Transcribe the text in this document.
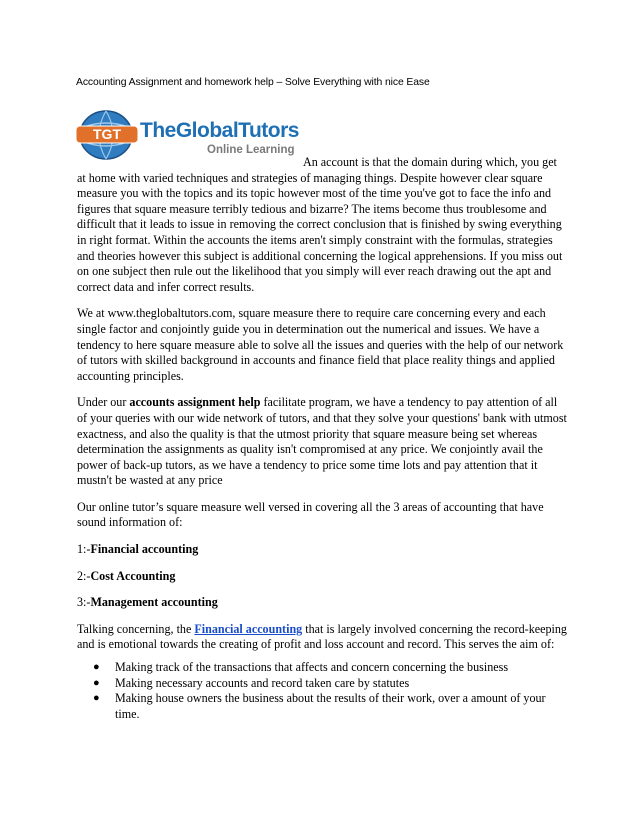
Accounting Assignment and homework help – Solve Everything with nice Ease
TGT TheGlobalTutors
Online Learning

An account is that the domain during which, you get at home with varied techniques and strategies of managing things. Despite however clear square measure you with the topics and its topic however most of the time you've got to face the info and figures that square measure terribly tedious and bizarre? The items become thus troublesome and difficult that it leads to issue in removing the correct conclusion that is finished by swing everything in right format. Within the accounts the items aren't simply constraint with the formulas, strategies and theories however this subject is additional concerning the logical apprehensions. If you miss out on one subject then rule out the likelihood that you simply will ever reach drawing out the apt and correct data and infer correct results.

We at www.theglobaltutors.com, square measure there to require care concerning every and each single factor and conjointly guide you in determination out the numerical and issues. We have a tendency to here square measure able to solve all the issues and queries with the help of our network of tutors with skilled background in accounts and finance field that place reality things and applied accounting principles.

Under our accounts assignment help facilitate program, we have a tendency to pay attention of all of your queries with our wide network of tutors, and that they solve your questions' bank with utmost exactness, and also the quality is that the utmost priority that square measure being set whereas determination the assignments as quality isn't compromised at any price. We conjointly avail the power of back-up tutors, as we have a tendency to price some time lots and pay attention that it mustn't be wasted at any price

Our online tutor’s square measure well versed in covering all the 3 areas of accounting that have sound information of:

1:-Financial accounting

2:-Cost Accounting

3:-Management accounting

Talking concerning, the Financial accounting that is largely involved concerning the record-keeping and is emotional towards the creating of profit and loss account and record. This serves the aim of:

● Making track of the transactions that affects and concern concerning the business
● Making necessary accounts and record taken care by statutes
● Making house owners the business about the results of their work, over a amount of your time.
